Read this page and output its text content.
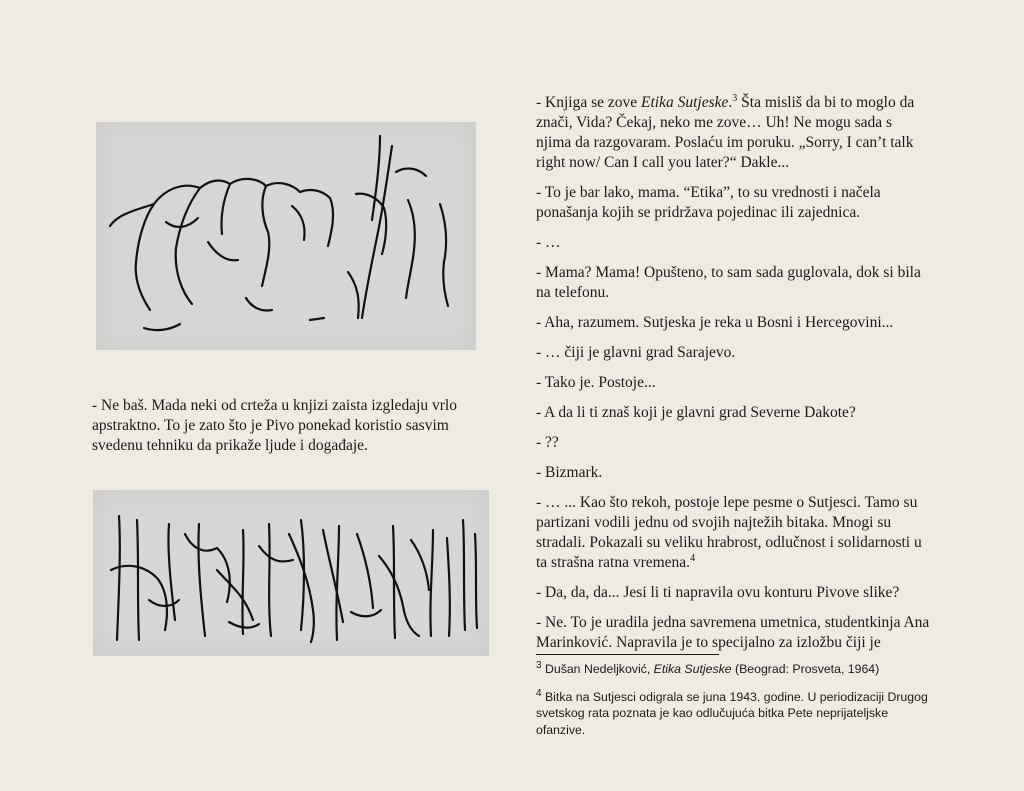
- Ne baš. Mada neki od crteža u knjizi zaista izgledaju vrlo apstraktno. To je zato što je Pivo ponekad koristio sasvim svedenu tehniku da prikaže ljude i događaje.

- Knjiga se zove Etika Sutjeske.$^3$ Šta misliš da bi to moglo da znači, Vida? Čekaj, neko me zove… Uh! Ne mogu sada s njima da razgovaram. Poslaću im poruku. „Sorry, I can’t talk right now/ Can I call you later?“ Dakle...

- To je bar lako, mama. “Etika”, to su vrednosti i načela ponašanja kojih se pridržava pojedinac ili zajednica.

- …

- Mama? Mama! Opušteno, to sam sada guglovala, dok si bila na telefonu.

- Aha, razumem. Sutjeska je reka u Bosni i Hercegovini...

- … čiji je glavni grad Sarajevo.

- Tako je. Postoje...

- A da li ti znaš koji je glavni grad Severne Dakote?

- ??

- Bizmark.

- … ... Kao što rekoh, postoje lepe pesme o Sutjesci. Tamo su partizani vodili jednu od svojih najtežih bitaka. Mnogi su stradali. Pokazali su veliku hrabrost, odlučnost i solidarnosti u ta strašna ratna vremena.$^4$

- Da, da, da... Jesi li ti napravila ovu konturu Pivove slike?

- Ne. To je uradila jedna savremena umetnica, studentkinja Ana Marinković. Napravila je to specijalno za izložbu čiji je

$^3$ Dušan Nedeljković, Etika Sutjeske (Beograd: Prosveta, 1964)

$^4$ Bitka na Sutjesci odigrala se juna 1943. godine. U periodizaciji Drugog svetskog rata poznata je kao odlučujuća bitka Pete neprijateljske ofanzive.
